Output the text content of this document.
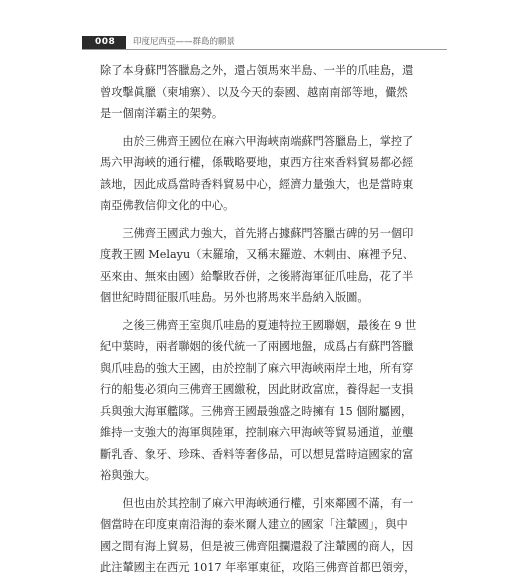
008 印度尼西亞——群島的願景

除了本身蘇門答臘島之外，還占領馬來半島、一半的爪哇島，還
曾攻擊眞臘（柬埔寨）、以及今天的泰國、越南南部等地，儼然
是一個南洋霸主的架勢。

　　由於三佛齊王國位在麻六甲海峽南端蘇門答臘島上，掌控了
馬六甲海峽的通行權，係戰略要地，東西方往來香料貿易都必經
該地，因此成爲當時香料貿易中心，經濟力量強大，也是當時東
南亞佛教信仰文化的中心。

　　三佛齊王國武力強大，首先將占據蘇門答臘古碑的另一個印
度教王國 Melayu（末羅瑜，又稱末羅遊、木剌由、麻裡予兒、
巫來由、無來由國）給擊敗吞併，之後將海軍征爪哇島，花了半
個世紀時間征服爪哇島。另外也將馬來半島納入版圖。

　　之後三佛齊王室與爪哇島的夏連特拉王國聯姻，最後在 9 世
紀中葉時，兩者聯姻的後代統一了兩國地盤，成爲占有蘇門答臘
與爪哇島的強大王國，由於控制了麻六甲海峽兩岸土地，所有穿
行的船隻必須向三佛齊王國繳稅，因此財政富庶，養得起一支損
兵與強大海軍艦隊。三佛齊王國最強盛之時擁有 15 個附屬國，
維持一支強大的海軍與陸軍，控制麻六甲海峽等貿易通道，並壟
斷乳香、象牙、珍珠、香料等奢侈品，可以想見當時這國家的富
裕與強大。

　　但也由於其控制了麻六甲海峽通行權，引來鄰國不滿，有一
個當時在印度東南沿海的泰米爾人建立的國家「注輦國」，與中
國之間有海上貿易，但是被三佛齊阻攔還殺了注輦國的商人，因
此注輦國主在西元 1017 年率軍東征，攻陷三佛齊首都巴領旁，
